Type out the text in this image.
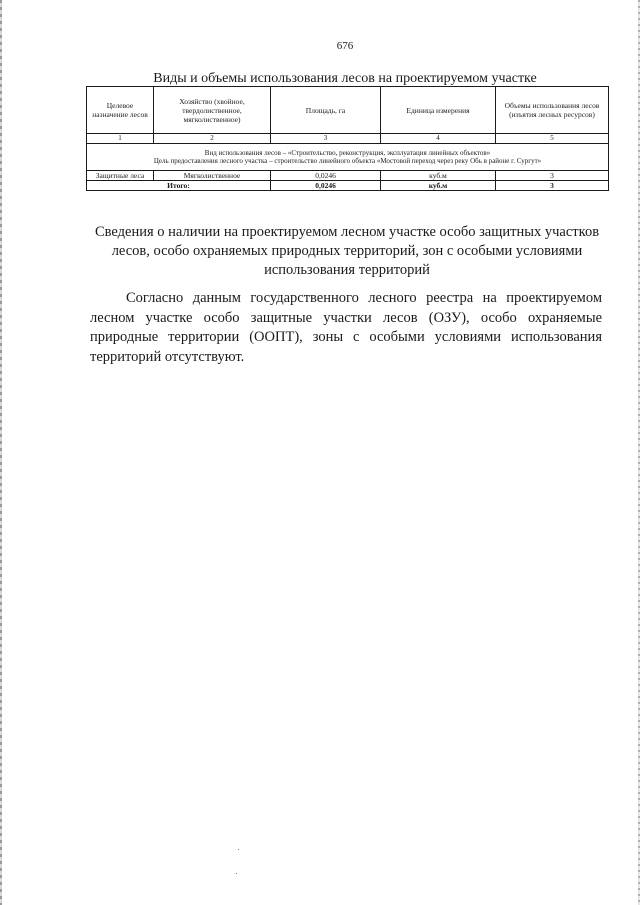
676
Виды и объемы использования лесов на проектируемом участке
Целевое назначение лесов	Хозяйство (хвойное, твердолиственное, мягколиственное)	Площадь, га	Единица измерения	Объемы использования лесов (изъятия лесных ресурсов)
1	2	3	4	5

Вид использования лесов – «Строительство, реконструкция, эксплуатация линейных объектов»
Цель предоставления лесного участка – строительство линейного объекта «Мостовой переход через реку Обь в районе г. Сургут»				

Защитные леса	Мягколиственное	0,0246	куб.м	3
Итого:		0,0246	куб.м	3
Сведения о наличии на проектируемом лесном участке особо защитных участков лесов, особо охраняемых природных территорий, зон с особыми условиями использования территорий

Согласно данным государственного лесного реестра на проектируемом лесном участке особо защитные участки лесов (ОЗУ), особо охраняемые природные территории (ООПТ), зоны с особыми условиями использования территорий отсутствуют.
